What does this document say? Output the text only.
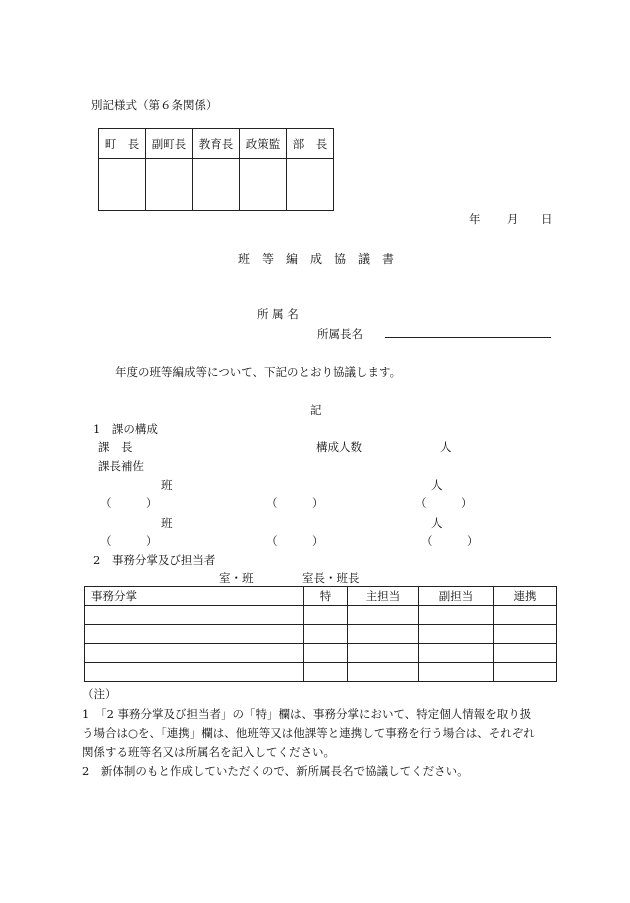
別記様式（第６条関係）
町　長	副町長	教育長	政策監	部　長

年 月 日
班　等　編　成　協　議　書
所 属 名
所属長名
年度の班等編成等について、下記のとおり協議します。
記
1　課の構成
課　長	構成人数	人
課長補佐
班	人
（　　　）	（　　　）	（　　　）
班	人
（　　　）	（　　　）	（　　　）
2　事務分掌及び担当者
室・班	室長・班長
事務分掌	特	主担当	副担当	連携

（注）
1　「2 事務分掌及び担当者」の「特」欄は、事務分掌において、特定個人情報を取り扱
う場合は○を、「連携」欄は、他班等又は他課等と連携して事務を行う場合は、それぞれ
関係する班等名又は所属名を記入してください。
2　新体制のもと作成していただくので、新所属長名で協議してください。
